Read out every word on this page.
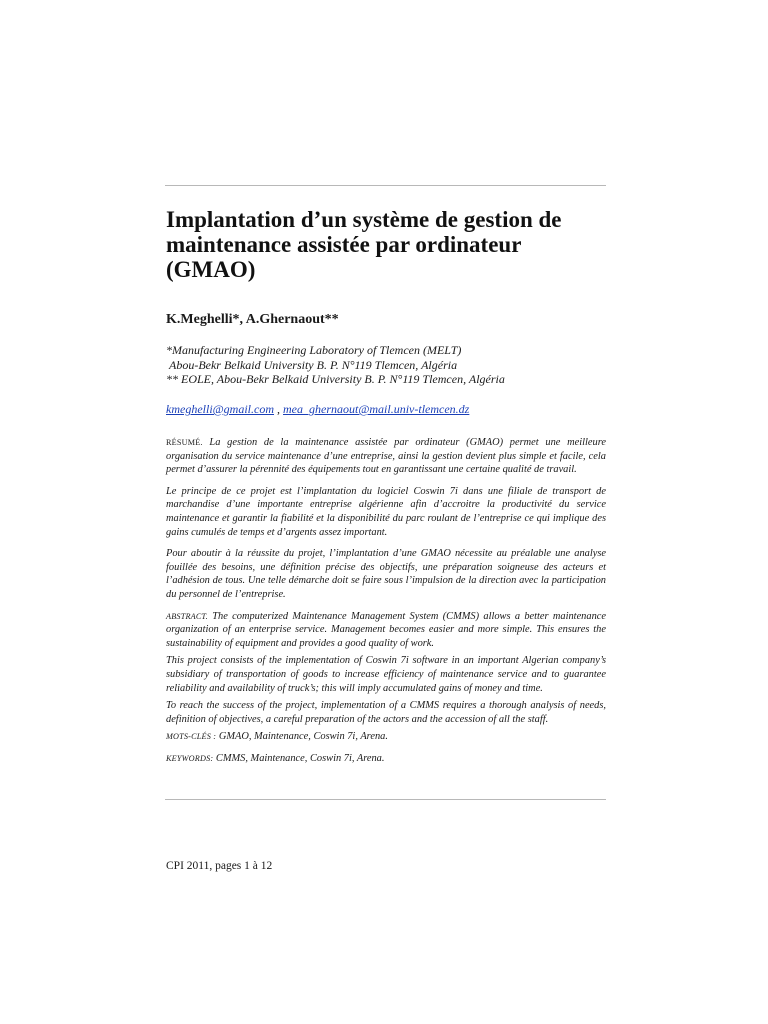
Implantation d’un système de gestion de maintenance assistée par ordinateur (GMAO)

K.Meghelli*, A.Ghernaout**

*Manufacturing Engineering Laboratory of Tlemcen (MELT)
Abou-Bekr Belkaid University B. P. N°119 Tlemcen, Algéria
** EOLE, Abou-Bekr Belkaid University B. P. N°119 Tlemcen, Algéria
kmeghelli@gmail.com , mea_ghernaout@mail.univ-tlemcen.dz

RÉSUMÉ. La gestion de la maintenance assistée par ordinateur (GMAO) permet une meilleure organisation du service maintenance d’une entreprise, ainsi la gestion devient plus simple et facile, cela permet d’assurer la pérennité des équipements tout en garantissant une certaine qualité de travail.

Le principe de ce projet est l’implantation du logiciel Coswin 7i dans une filiale de transport de marchandise d’une importante entreprise algérienne afin d’accroitre la productivité du service maintenance et garantir la fiabilité et la disponibilité du parc roulant de l’entreprise ce qui implique des gains cumulés de temps et d’argents assez important.

Pour aboutir à la réussite du projet, l’implantation d’une GMAO nécessite au préalable une analyse fouillée des besoins, une définition précise des objectifs, une préparation soigneuse des acteurs et l’adhésion de tous. Une telle démarche doit se faire sous l’impulsion de la direction avec la participation du personnel de l’entreprise.

ABSTRACT. The computerized Maintenance Management System (CMMS) allows a better maintenance organization of an enterprise service. Management becomes easier and more simple. This ensures the sustainability of equipment and provides a good quality of work.

This project consists of the implementation of Coswin 7i software in an important Algerian company’s subsidiary of transportation of goods to increase efficiency of maintenance service and to guarantee reliability and availability of truck’s; this will imply accumulated gains of money and time.

To reach the success of the project, implementation of a CMMS requires a thorough analysis of needs, definition of objectives, a careful preparation of the actors and the accession of all the staff.

MOTS-CLÉS : GMAO, Maintenance, Coswin 7i, Arena.

KEYWORDS: CMMS, Maintenance, Coswin 7i, Arena.

CPI 2011, pages 1 à 12
